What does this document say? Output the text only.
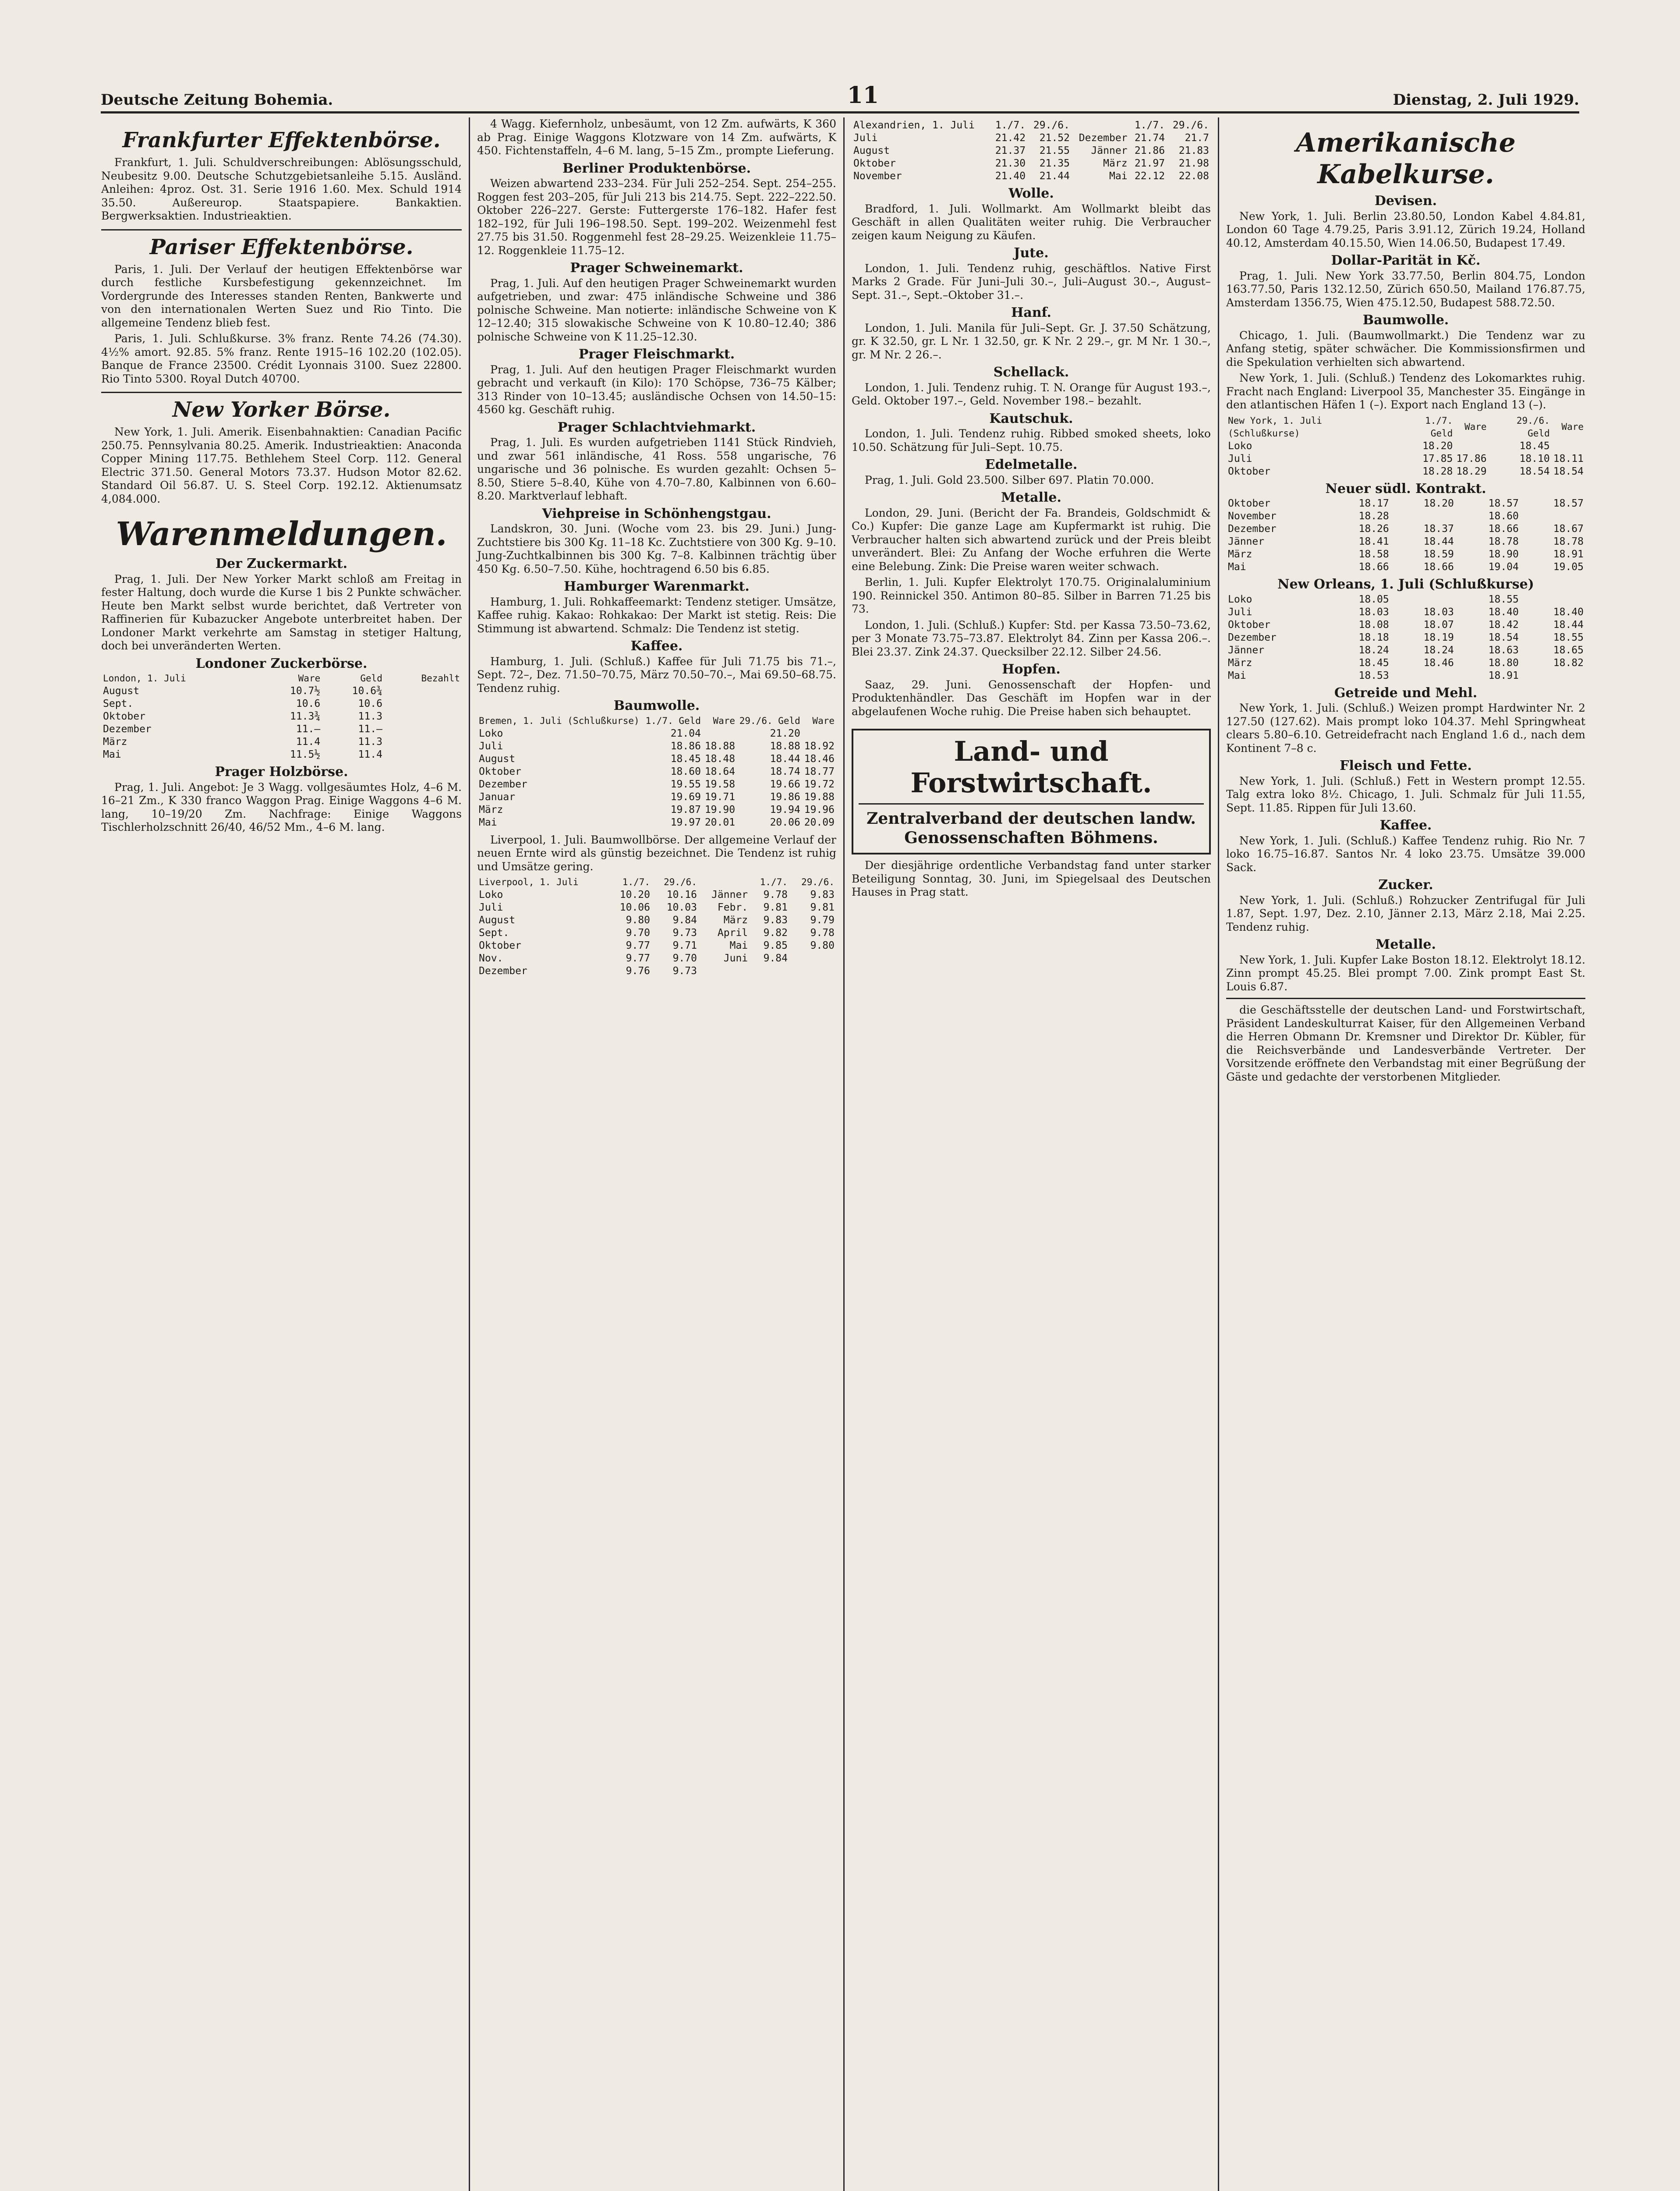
Deutsche Zeitung Bohemia.	11	Dienstag, 2. Juli 1929.
Frankfurter Effektenbörse.

Frankfurt, 1. Juli. Schuldverschreibungen: Ablösungsschuld, Neubesitz 9.00. Deutsche Schutzgebietsanleihe 5.15. Ausländ. Anleihen: 4proz. Ost. 31. Serie 1916 1.60. Mex. Schuld 1914 35.50. Außereurop. Staatspapiere. Bankaktien. Bergwerksaktien. Industrieaktien.

Pariser Effektenbörse.

Paris, 1. Juli. Der Verlauf der heutigen Effektenbörse war durch festliche Kursbefestigung gekennzeichnet. Im Vordergrunde des Interesses standen Renten, Bankwerte und von den internationalen Werten Suez und Rio Tinto. Die allgemeine Tendenz blieb fest.

Paris, 1. Juli. Schlußkurse. 3% franz. Rente 74.26 (74.30). 4½% amort. 92.85. 5% franz. Rente 1915–16 102.20 (102.05). Banque de France 23500. Crédit Lyonnais 3100. Suez 22800. Rio Tinto 5300. Royal Dutch 40700.

New Yorker Börse.

New York, 1. Juli. Amerik. Eisenbahnaktien: Canadian Pacific 250.75. Pennsylvania 80.25. Amerik. Industrieaktien: Anaconda Copper Mining 117.75. Bethlehem Steel Corp. 112. General Electric 371.50. General Motors 73.37. Hudson Motor 82.62. Standard Oil 56.87. U. S. Steel Corp. 192.12. Aktienumsatz 4,084.000.

Warenmeldungen.
Der Zuckermarkt.

Prag, 1. Juli. Der New Yorker Markt schloß am Freitag in fester Haltung, doch wurde die Kurse 1 bis 2 Punkte schwächer. Heute ben Markt selbst wurde berichtet, daß Vertreter von Raffinerien für Kubazucker Angebote unterbreitet haben. Der Londoner Markt verkehrte am Samstag in stetiger Haltung, doch bei unveränderten Werten.

Londoner Zuckerbörse.
London, 1. Juli	Ware	Geld	Bezahlt
August	10.7½	10.6¾	
Sept.	10.6	10.6	
Oktober	11.3¾	11.3	
Dezember	11.–	11.–	
März	11.4	11.3	
Mai	11.5½	11.4	
Prager Holzbörse.

Prag, 1. Juli. Angebot: Je 3 Wagg. vollgesäumtes Holz, 4–6 M. 16–21 Zm., K 330 franco Waggon Prag. Einige Waggons 4–6 M. lang, 10–19/20 Zm. Nachfrage: Einige Waggons Tischlerholzschnitt 26/40, 46/52 Mm., 4–6 M. lang.

4 Wagg. Kiefernholz, unbesäumt, von 12 Zm. aufwärts, K 360 ab Prag. Einige Waggons Klotzware von 14 Zm. aufwärts, K 450. Fichtenstaffeln, 4–6 M. lang, 5–15 Zm., prompte Lieferung.

Berliner Produktenbörse.

Weizen abwartend 233–234. Für Juli 252–254. Sept. 254–255. Roggen fest 203–205, für Juli 213 bis 214.75. Sept. 222–222.50. Oktober 226–227. Gerste: Futtergerste 176–182. Hafer fest 182–192, für Juli 196–198.50. Sept. 199–202. Weizenmehl fest 27.75 bis 31.50. Roggenmehl fest 28–29.25. Weizenkleie 11.75–12. Roggenkleie 11.75–12.

Prager Schweinemarkt.

Prag, 1. Juli. Auf den heutigen Prager Schweinemarkt wurden aufgetrieben, und zwar: 475 inländische Schweine und 386 polnische Schweine. Man notierte: inländische Schweine von K 12–12.40; 315 slowakische Schweine von K 10.80–12.40; 386 polnische Schweine von K 11.25–12.30.

Prager Fleischmarkt.

Prag, 1. Juli. Auf den heutigen Prager Fleischmarkt wurden gebracht und verkauft (in Kilo): 170 Schöpse, 736–75 Kälber; 313 Rinder von 10–13.45; ausländische Ochsen von 14.50–15: 4560 kg. Geschäft ruhig.

Prager Schlachtviehmarkt.

Prag, 1. Juli. Es wurden aufgetrieben 1141 Stück Rindvieh, und zwar 561 inländische, 41 Ross. 558 ungarische, 76 ungarische und 36 polnische. Es wurden gezahlt: Ochsen 5–8.50, Stiere 5–8.40, Kühe von 4.70–7.80, Kalbinnen von 6.60–8.20. Marktverlauf lebhaft.

Viehpreise in Schönhengstgau.

Landskron, 30. Juni. (Woche vom 23. bis 29. Juni.) Jung-Zuchtstiere bis 300 Kg. 11–18 Kc. Zuchtstiere von 300 Kg. 9–10. Jung-Zuchtkalbinnen bis 300 Kg. 7–8. Kalbinnen trächtig über 450 Kg. 6.50–7.50. Kühe, hochtragend 6.50 bis 6.85.

Hamburger Warenmarkt.

Hamburg, 1. Juli. Rohkaffeemarkt: Tendenz stetiger. Umsätze, Kaffee ruhig. Kakao: Rohkakao: Der Markt ist stetig. Reis: Die Stimmung ist abwartend. Schmalz: Die Tendenz ist stetig.

Kaffee.

Hamburg, 1. Juli. (Schluß.) Kaffee für Juli 71.75 bis 71.–, Sept. 72–, Dez. 71.50–70.75, März 70.50–70.–, Mai 69.50–68.75. Tendenz ruhig.

Baumwolle.
Bremen, 1. Juli (Schlußkurse)	1./7. Geld	Ware	29./6. Geld	Ware
Loko	21.04		21.20	
Juli	18.86	18.88	18.88	18.92
August	18.45	18.48	18.44	18.46
Oktober	18.60	18.64	18.74	18.77
Dezember	19.55	19.58	19.66	19.72
Januar	19.69	19.71	19.86	19.88
März	19.87	19.90	19.94	19.96
Mai	19.97	20.01	20.06	20.09

Liverpool, 1. Juli. Baumwollbörse. Der allgemeine Verlauf der neuen Ernte wird als günstig bezeichnet. Die Tendenz ist ruhig und Umsätze gering.

Liverpool, 1. Juli	1./7.	29./6.		1./7.	29./6.
Loko	10.20	10.16	Jänner	9.78	9.83
Juli	10.06	10.03	Febr.	9.81	9.81
August	9.80	9.84	März	9.83	9.79
Sept.	9.70	9.73	April	9.82	9.78
Oktober	9.77	9.71	Mai	9.85	9.80
Nov.	9.77	9.70	Juni	9.84	
Dezember	9.76	9.73			
Alexandrien, 1. Juli	1./7.	29./6.		1./7.	29./6.
Juli	21.42	21.52	Dezember	21.74	21.7
August	21.37	21.55	Jänner	21.86	21.83
Oktober	21.30	21.35	März	21.97	21.98
November	21.40	21.44	Mai	22.12	22.08
Wolle.

Bradford, 1. Juli. Wollmarkt. Am Wollmarkt bleibt das Geschäft in allen Qualitäten weiter ruhig. Die Verbraucher zeigen kaum Neigung zu Käufen.

Jute.

London, 1. Juli. Tendenz ruhig, geschäftlos. Native First Marks 2 Grade. Für Juni–Juli 30.–, Juli–August 30.–, August–Sept. 31.–, Sept.–Oktober 31.–.

Hanf.

London, 1. Juli. Manila für Juli–Sept. Gr. J. 37.50 Schätzung, gr. K 32.50, gr. L Nr. 1 32.50, gr. K Nr. 2 29.–, gr. M Nr. 1 30.–, gr. M Nr. 2 26.–.

Schellack.

London, 1. Juli. Tendenz ruhig. T. N. Orange für August 193.–, Geld. Oktober 197.–, Geld. November 198.– bezahlt.

Kautschuk.

London, 1. Juli. Tendenz ruhig. Ribbed smoked sheets, loko 10.50. Schätzung für Juli–Sept. 10.75.

Edelmetalle.

Prag, 1. Juli. Gold 23.500. Silber 697. Platin 70.000.

Metalle.

London, 29. Juni. (Bericht der Fa. Brandeis, Goldschmidt & Co.) Kupfer: Die ganze Lage am Kupfermarkt ist ruhig. Die Verbraucher halten sich abwartend zurück und der Preis bleibt unverändert. Blei: Zu Anfang der Woche erfuhren die Werte eine Belebung. Zink: Die Preise waren weiter schwach.

Berlin, 1. Juli. Kupfer Elektrolyt 170.75. Originalaluminium 190. Reinnickel 350. Antimon 80–85. Silber in Barren 71.25 bis 73.

London, 1. Juli. (Schluß.) Kupfer: Std. per Kassa 73.50–73.62, per 3 Monate 73.75–73.87. Elektrolyt 84. Zinn per Kassa 206.–. Blei 23.37. Zink 24.37. Quecksilber 22.12. Silber 24.56.

Hopfen.

Saaz, 29. Juni. Genossenschaft der Hopfen- und Produktenhändler. Das Geschäft im Hopfen war in der abgelaufenen Woche ruhig. Die Preise haben sich behauptet.

Land- und Forstwirtschaft.
Zentralverband der deutschen landw. Genossenschaften Böhmens.

Der diesjährige ordentliche Verbandstag fand unter starker Beteiligung Sonntag, 30. Juni, im Spiegelsaal des Deutschen Hauses in Prag statt.

Amerikanische Kabelkurse.
Devisen.

New York, 1. Juli. Berlin 23.80.50, London Kabel 4.84.81, London 60 Tage 4.79.25, Paris 3.91.12, Zürich 19.24, Holland 40.12, Amsterdam 40.15.50, Wien 14.06.50, Budapest 17.49.

Dollar-Parität in Kč.

Prag, 1. Juli. New York 33.77.50, Berlin 804.75, London 163.77.50, Paris 132.12.50, Zürich 650.50, Mailand 176.87.75, Amsterdam 1356.75, Wien 475.12.50, Budapest 588.72.50.

Baumwolle.

Chicago, 1. Juli. (Baumwollmarkt.) Die Tendenz war zu Anfang stetig, später schwächer. Die Kommissionsfirmen und die Spekulation verhielten sich abwartend.

New York, 1. Juli. (Schluß.) Tendenz des Lokomarktes ruhig. Fracht nach England: Liverpool 35, Manchester 35. Eingänge in den atlantischen Häfen 1 (–). Export nach England 13 (–).

New York, 1. Juli (Schlußkurse)	1./7. Geld	Ware	29./6. Geld	Ware
Loko	18.20		18.45	
Juli	17.85	17.86	18.10	18.11
Oktober	18.28	18.29	18.54	18.54
Neuer südl. Kontrakt.
Oktober	18.17	18.20	18.57	18.57
November	18.28		18.60	
Dezember	18.26	18.37	18.66	18.67
Jänner	18.41	18.44	18.78	18.78
März	18.58	18.59	18.90	18.91
Mai	18.66	18.66	19.04	19.05
New Orleans, 1. Juli (Schlußkurse)
Loko	18.05		18.55	
Juli	18.03	18.03	18.40	18.40
Oktober	18.08	18.07	18.42	18.44
Dezember	18.18	18.19	18.54	18.55
Jänner	18.24	18.24	18.63	18.65
März	18.45	18.46	18.80	18.82
Mai	18.53		18.91	
Getreide und Mehl.

New York, 1. Juli. (Schluß.) Weizen prompt Hardwinter Nr. 2 127.50 (127.62). Mais prompt loko 104.37. Mehl Springwheat clears 5.80–6.10. Getreidefracht nach England 1.6 d., nach dem Kontinent 7–8 c.

Fleisch und Fette.

New York, 1. Juli. (Schluß.) Fett in Western prompt 12.55. Talg extra loko 8½. Chicago, 1. Juli. Schmalz für Juli 11.55, Sept. 11.85. Rippen für Juli 13.60.

Kaffee.

New York, 1. Juli. (Schluß.) Kaffee Tendenz ruhig. Rio Nr. 7 loko 16.75–16.87. Santos Nr. 4 loko 23.75. Umsätze 39.000 Sack.

Zucker.

New York, 1. Juli. (Schluß.) Rohzucker Zentrifugal für Juli 1.87, Sept. 1.97, Dez. 2.10, Jänner 2.13, März 2.18, Mai 2.25. Tendenz ruhig.

Metalle.

New York, 1. Juli. Kupfer Lake Boston 18.12. Elektrolyt 18.12. Zinn prompt 45.25. Blei prompt 7.00. Zink prompt East St. Louis 6.87.

die Geschäftsstelle der deutschen Land- und Forstwirtschaft, Präsident Landeskulturrat Kaiser, für den Allgemeinen Verband die Herren Obmann Dr. Kremsner und Direktor Dr. Kübler, für die Reichsverbände und Landesverbände Vertreter. Der Vorsitzende eröffnete den Verbandstag mit einer Begrüßung der Gäste und gedachte der verstorbenen Mitglieder.
